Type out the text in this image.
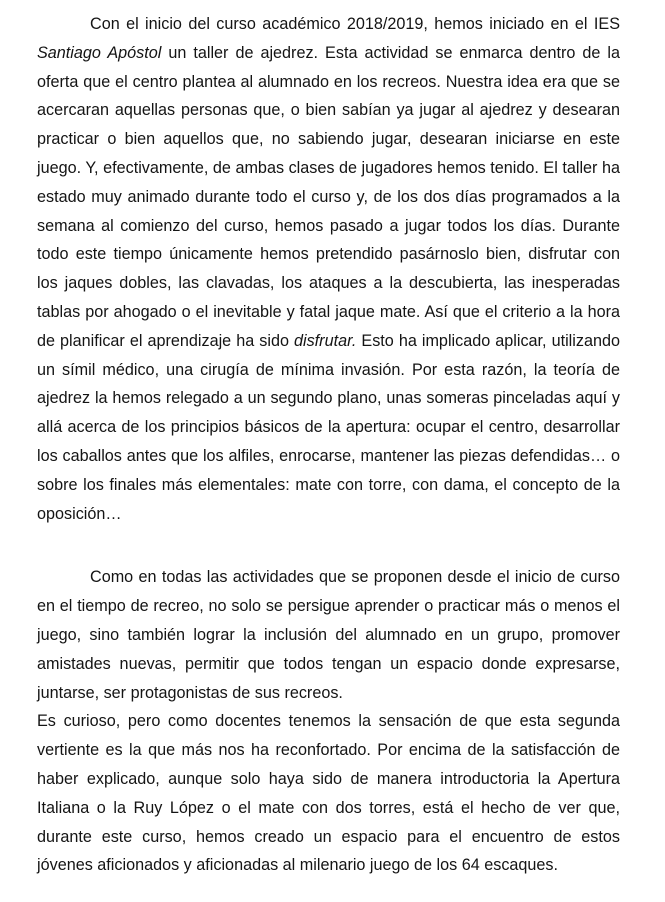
Con el inicio del curso académico 2018/2019, hemos iniciado en el IES Santiago Apóstol un taller de ajedrez. Esta actividad se enmarca dentro de la oferta que el centro plantea al alumnado en los recreos. Nuestra idea era que se acercaran aquellas personas que, o bien sabían ya jugar al ajedrez y desearan practicar o bien aquellos que, no sabiendo jugar, desearan iniciarse en este juego. Y, efectivamente, de ambas clases de jugadores hemos tenido. El taller ha estado muy animado durante todo el curso y, de los dos días programados a la semana al comienzo del curso, hemos pasado a jugar todos los días. Durante todo este tiempo únicamente hemos pretendido pasárnoslo bien, disfrutar con los jaques dobles, las clavadas, los ataques a la descubierta, las inesperadas tablas por ahogado o el inevitable y fatal jaque mate. Así que el criterio a la hora de planificar el aprendizaje ha sido disfrutar. Esto ha implicado aplicar, utilizando un símil médico, una cirugía de mínima invasión. Por esta razón, la teoría de ajedrez la hemos relegado a un segundo plano, unas someras pinceladas aquí y allá acerca de los principios básicos de la apertura: ocupar el centro, desarrollar los caballos antes que los alfiles, enrocarse, mantener las piezas defendidas… o sobre los finales más elementales: mate con torre, con dama, el concepto de la oposición…

Como en todas las actividades que se proponen desde el inicio de curso en el tiempo de recreo, no solo se persigue aprender o practicar más o menos el juego, sino también lograr la inclusión del alumnado en un grupo, promover amistades nuevas, permitir que todos tengan un espacio donde expresarse, juntarse, ser protagonistas de sus recreos.

Es curioso, pero como docentes tenemos la sensación de que esta segunda vertiente es la que más nos ha reconfortado. Por encima de la satisfacción de haber explicado, aunque solo haya sido de manera introductoria la Apertura Italiana o la Ruy López o el mate con dos torres, está el hecho de ver que, durante este curso, hemos creado un espacio para el encuentro de estos jóvenes aficionados y aficionadas al milenario juego de los 64 escaques.
